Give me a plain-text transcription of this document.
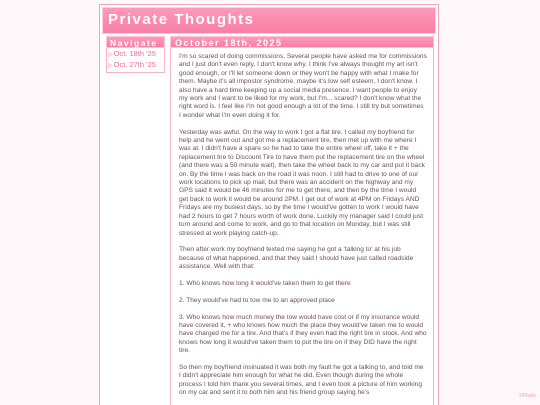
Private Thoughts
Navigate
▷Oct. 18th '25
▷Oct. 27th '25
October 18th, 2025

I'm so scared of doing commissions. Several people have asked me for commissions and I just don't even reply, I don't know why. I think I've always thought my art isn't good enough, or I'll let someone down or they won't be happy with what I make for them. Maybe it's all impostor syndrome, maybe it's low self esteem, I don't know. I also have a hard time keeping up a social media presence. I want people to enjoy my work and I want to be liked for my work, but I'm... scared? I don't know what the right word is. I feel like I'm not good enough a lot of the time. I still try but sometimes I wonder what I'm even doing it for.

Yesterday was awful. On the way to work I got a flat tire. I called my boyfriend for help and he went out and got me a replacement tire, then met up with me where I was at. I didn't have a spare so he had to take the entire wheel off, take it + the replacement tire to Discount Tire to have them put the replacement tire on the wheel (and there was a 50 minute wait), then take the wheel back to my car and put it back on. By the time I was back on the road it was noon. I still had to drive to one of our work locations to pick up mail, but there was an accident on the highway and my GPS said it would be 46 minutes for me to get there, and then by the time I would get back to work it would be around 2PM. I get out of work at 4PM on Fridays AND Fridays are my busiest days, so by the time I would've gotten to work I would have had 2 hours to get 7 hours worth of work done. Luckily my manager said I could just turn around and come to work, and go to that location on Monday, but I was still stressed at work playing catch-up.

Then after work my boyfriend texted me saying he got a 'talking to' at his job because of what happened, and that they said I should have just called roadside assistance. Well with that:

1. Who knows how long it would've taken them to get there

2. They would've had to tow me to an approved place

3. Who knows how much money the tow would have cost or if my insurance would have covered it, + who knows how much the place they would've taken me to would have charged me for a tire. And that's if they even had the right tire in stock. And who knows how long it would've taken them to put the tire on if they DID have the right tire.

So then my boyfriend insinuated it was both my fault he got a talking to, and told me I didn't appreciate him enough for what he did. Even though during the whole process I told him thank you several times, and I even took a picture of him working on my car and sent it to both him and his friend group saying he's	©Pixelc
